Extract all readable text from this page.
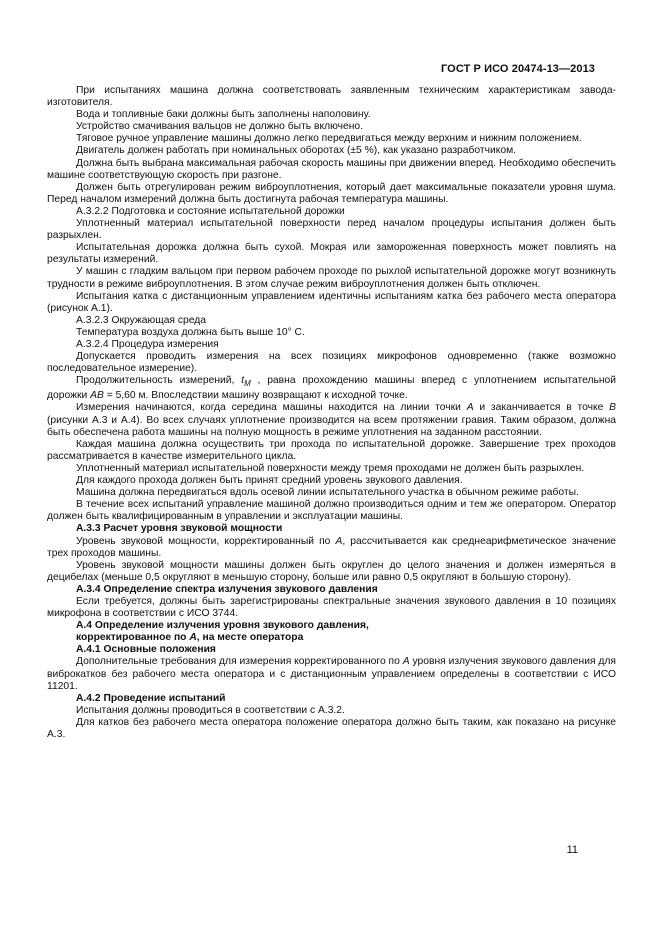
ГОСТ Р ИСО 20474-13—2013

При испытаниях машина должна соответствовать заявленным техническим характеристикам завода-изготовителя.

Вода и топливные баки должны быть заполнены наполовину.

Устройство смачивания вальцов не должно быть включено.

Тяговое ручное управление машины должно легко передвигаться между верхним и нижним положением.

Двигатель должен работать при номинальных оборотах (±5 %), как указано разработчиком.

Должна быть выбрана максимальная рабочая скорость машины при движении вперед. Необходимо обеспечить машине соответствующую скорость при разгоне.

Должен быть отрегулирован режим виброуплотнения, который дает максимальные показатели уровня шума. Перед началом измерений должна быть достигнута рабочая температура машины.

А.3.2.2 Подготовка и состояние испытательной дорожки

Уплотненный материал испытательной поверхности перед началом процедуры испытания должен быть разрыхлен.

Испытательная дорожка должна быть сухой. Мокрая или замороженная поверхность может повлиять на результаты измерений.

У машин с гладким вальцом при первом рабочем проходе по рыхлой испытательной дорожке могут возникнуть трудности в режиме виброуплотнения. В этом случае режим виброуплотнения должен быть отключен.

Испытания катка с дистанционным управлением идентичны испытаниям катка без рабочего места оператора (рисунок А.1).

А.3.2.3 Окружающая среда

Температура воздуха должна быть выше 10° С.

А.3.2.4 Процедура измерения

Допускается проводить измерения на всех позициях микрофонов одновременно (также возможно последовательное измерение).

Продолжительность измерений, $t_M$ , равна прохождению машины вперед с уплотнением испытательной дорожки AB = 5,60 м. Впоследствии машину возвращают к исходной точке.

Измерения начинаются, когда середина машины находится на линии точки А и заканчивается в точке В (рисунки А.3 и А.4). Во всех случаях уплотнение производится на всем протяжении гравия. Таким образом, должна быть обеспечена работа машины на полную мощность в режиме уплотнения на заданном расстоянии.

Каждая машина должна осуществить три прохода по испытательной дорожке. Завершение трех проходов рассматривается в качестве измерительного цикла.

Уплотненный материал испытательной поверхности между тремя проходами не должен быть разрыхлен.

Для каждого прохода должен быть принят средний уровень звукового давления.

Машина должна передвигаться вдоль осевой линии испытательного участка в обычном режиме работы.

В течение всех испытаний управление машиной должно производиться одним и тем же оператором. Оператор должен быть квалифицированным в управлении и эксплуатации машины.

А.3.3 Расчет уровня звуковой мощности

Уровень звуковой мощности, корректированный по А, рассчитывается как среднеарифметическое значение трех проходов машины.

Уровень звуковой мощности машины должен быть округлен до целого значения и должен измеряться в децибелах (меньше 0,5 округляют в меньшую сторону, больше или равно 0,5 округляют в большую сторону).

А.3.4 Определение спектра излучения звукового давления

Если требуется, должны быть зарегистрированы спектральные значения звукового давления в 10 позициях микрофона в соответствии с ИСО 3744.

А.4 Определение излучения уровня звукового давления,

корректированное по А, на месте оператора

А.4.1 Основные положения

Дополнительные требования для измерения корректированного по А уровня излучения звукового давления для виброкатков без рабочего места оператора и с дистанционным управлением определены в соответствии с ИСО 11201.

А.4.2 Проведение испытаний

Испытания должны проводиться в соответствии с А.3.2.

Для катков без рабочего места оператора положение оператора должно быть таким, как показано на рисунке А.3.

11
